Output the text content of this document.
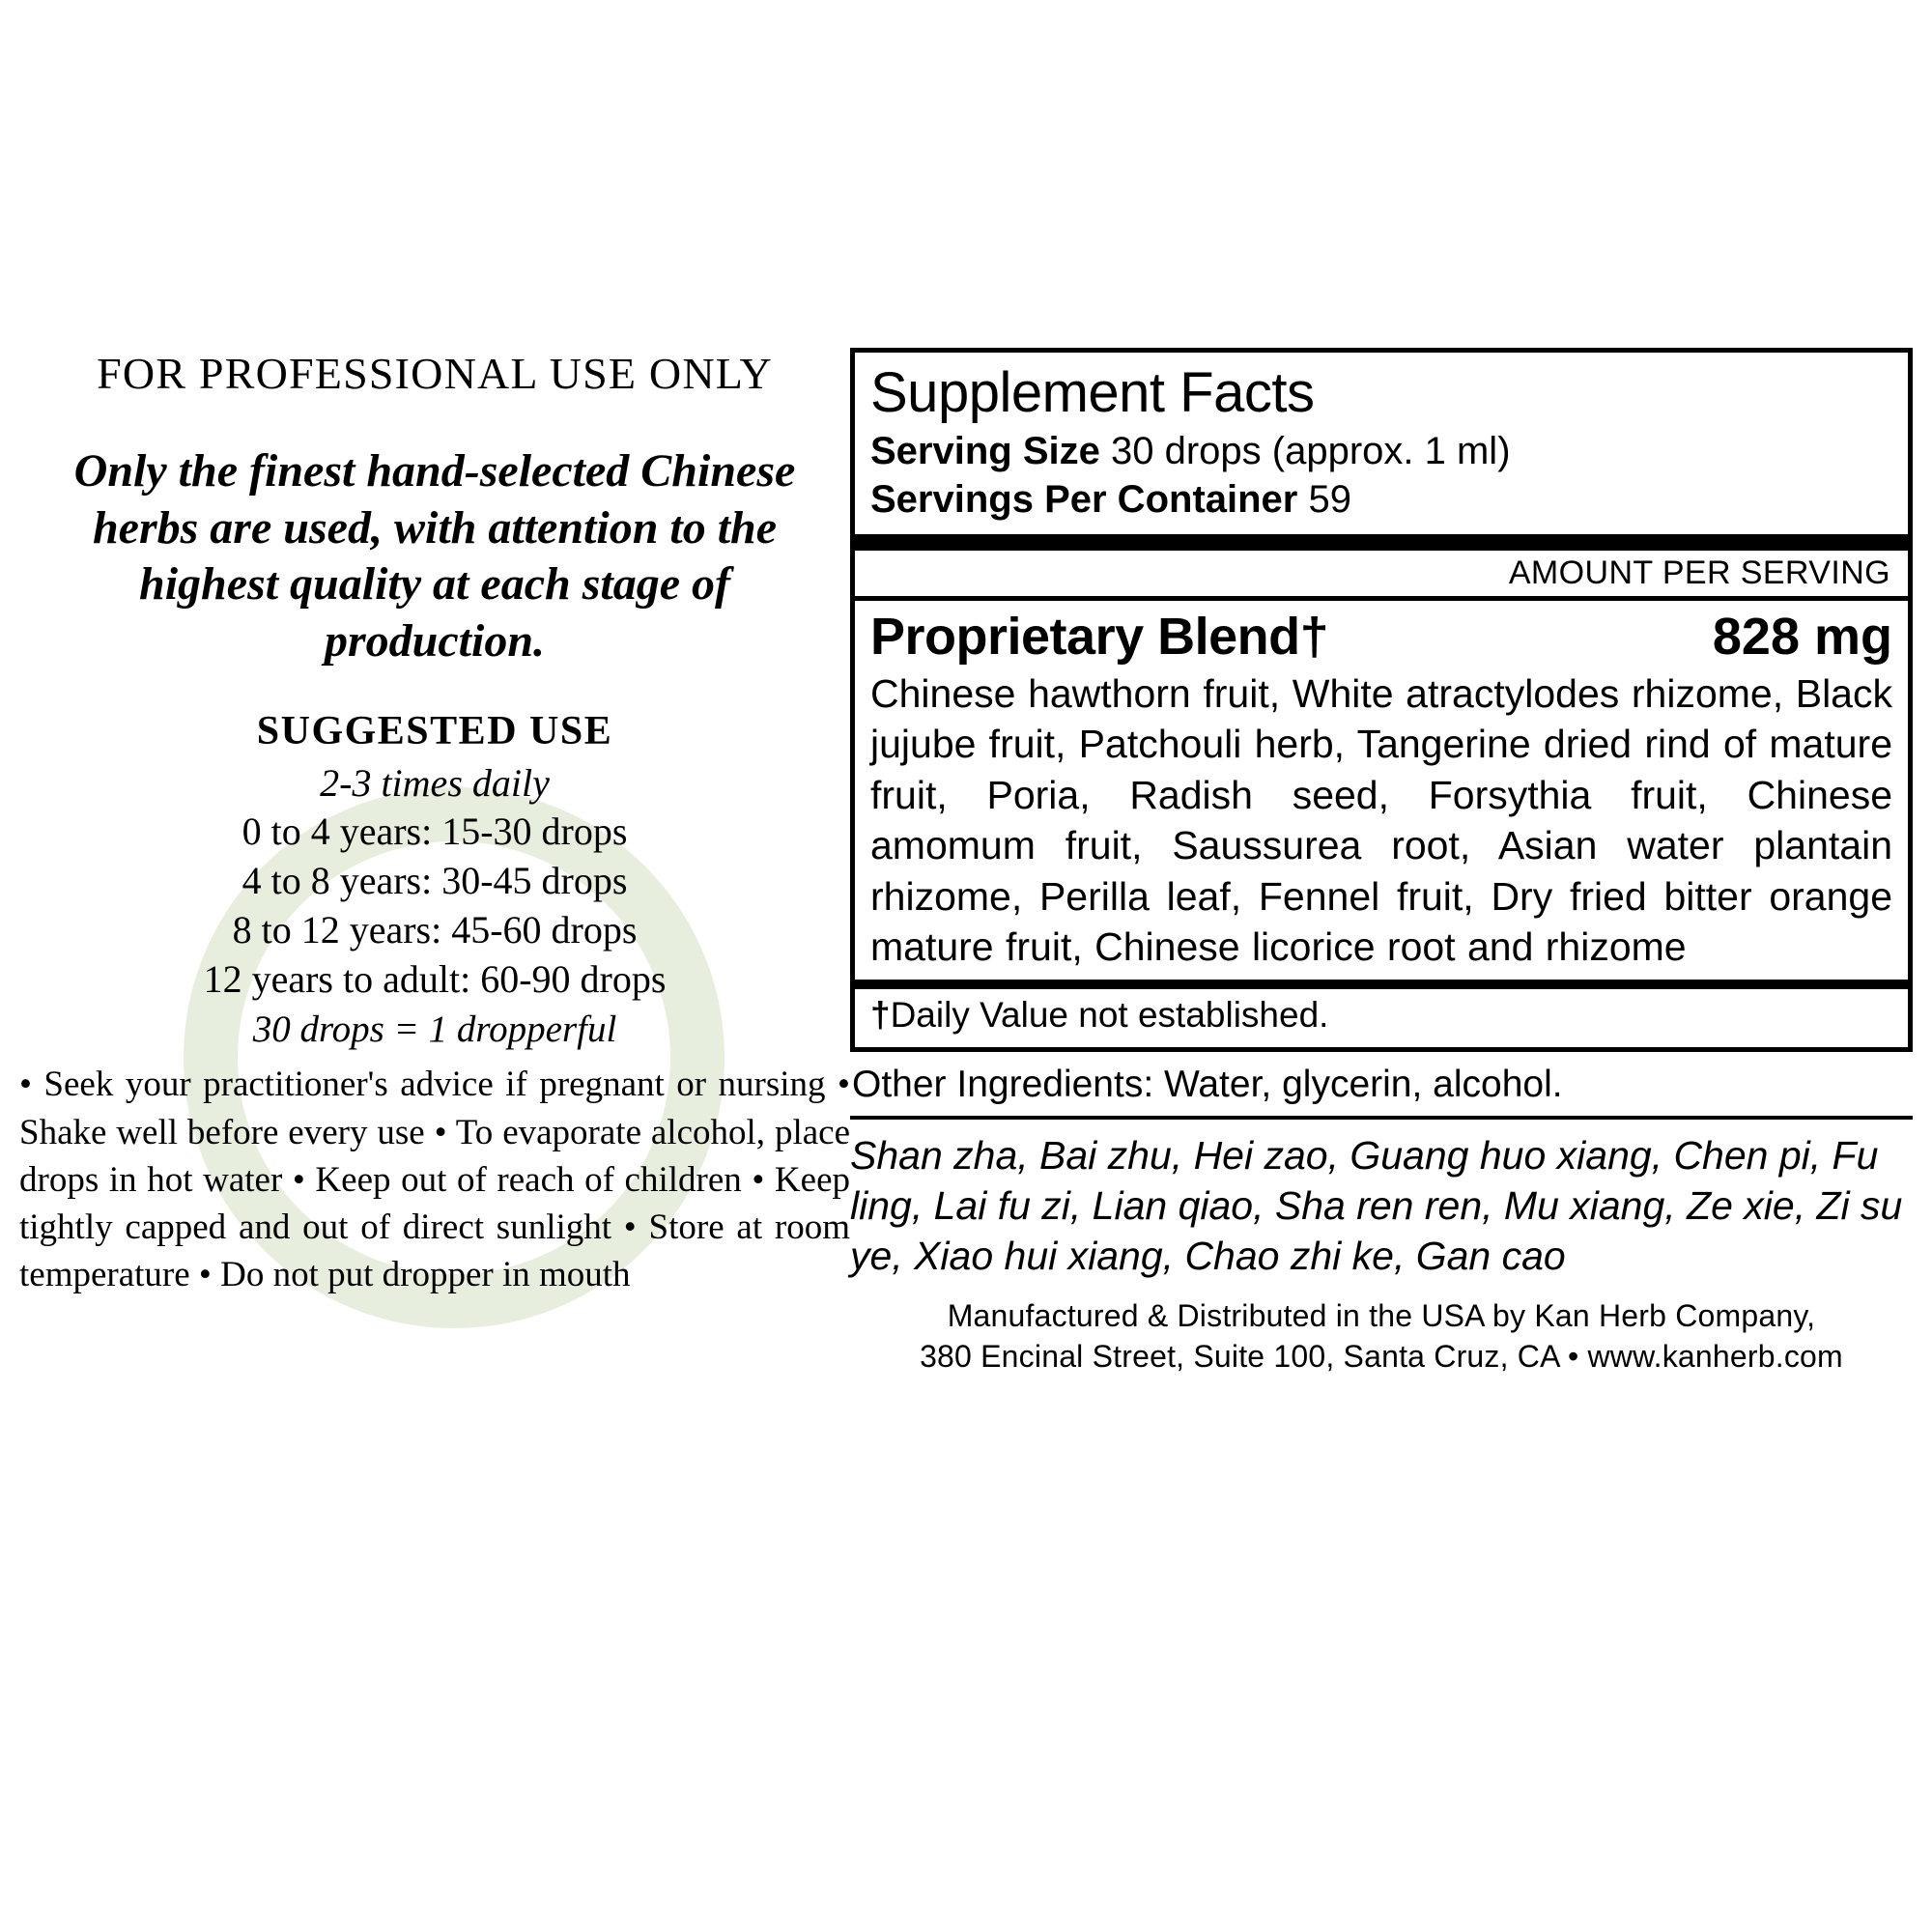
FOR PROFESSIONAL USE ONLY
Only the finest hand-selected Chinese herbs are used, with attention to the highest quality at each stage of production.
SUGGESTED USE
2-3 times daily
0 to 4 years: 15-30 drops
4 to 8 years: 30-45 drops
8 to 12 years: 45-60 drops
12 years to adult: 60-90 drops
30 drops = 1 dropperful
• Seek your practitioner's advice if pregnant or nursing • Shake well before every use • To evaporate alcohol, place drops in hot water • Keep out of reach of children • Keep tightly capped and out of direct sunlight • Store at room temperature • Do not put dropper in mouth
Supplement Facts
Serving Size 30 drops (approx. 1 ml)
Servings Per Container 59
AMOUNT PER SERVING
Proprietary Blend†	828 mg
Chinese hawthorn fruit, White atractylodes rhizome, Black jujube fruit, Patchouli herb, Tangerine dried rind of mature fruit, Poria, Radish seed, Forsythia fruit, Chinese amomum fruit, Saussurea root, Asian water plantain rhizome, Perilla leaf, Fennel fruit, Dry fried bitter orange mature fruit, Chinese licorice root and rhizome
†Daily Value not established.
Other Ingredients: Water, glycerin, alcohol.
Shan zha, Bai zhu, Hei zao, Guang huo xiang, Chen pi, Fu ling, Lai fu zi, Lian qiao, Sha ren ren, Mu xiang, Ze xie, Zi su ye, Xiao hui xiang, Chao zhi ke, Gan cao
Manufactured & Distributed in the USA by Kan Herb Company,
380 Encinal Street, Suite 100, Santa Cruz, CA • www.kanherb.com
